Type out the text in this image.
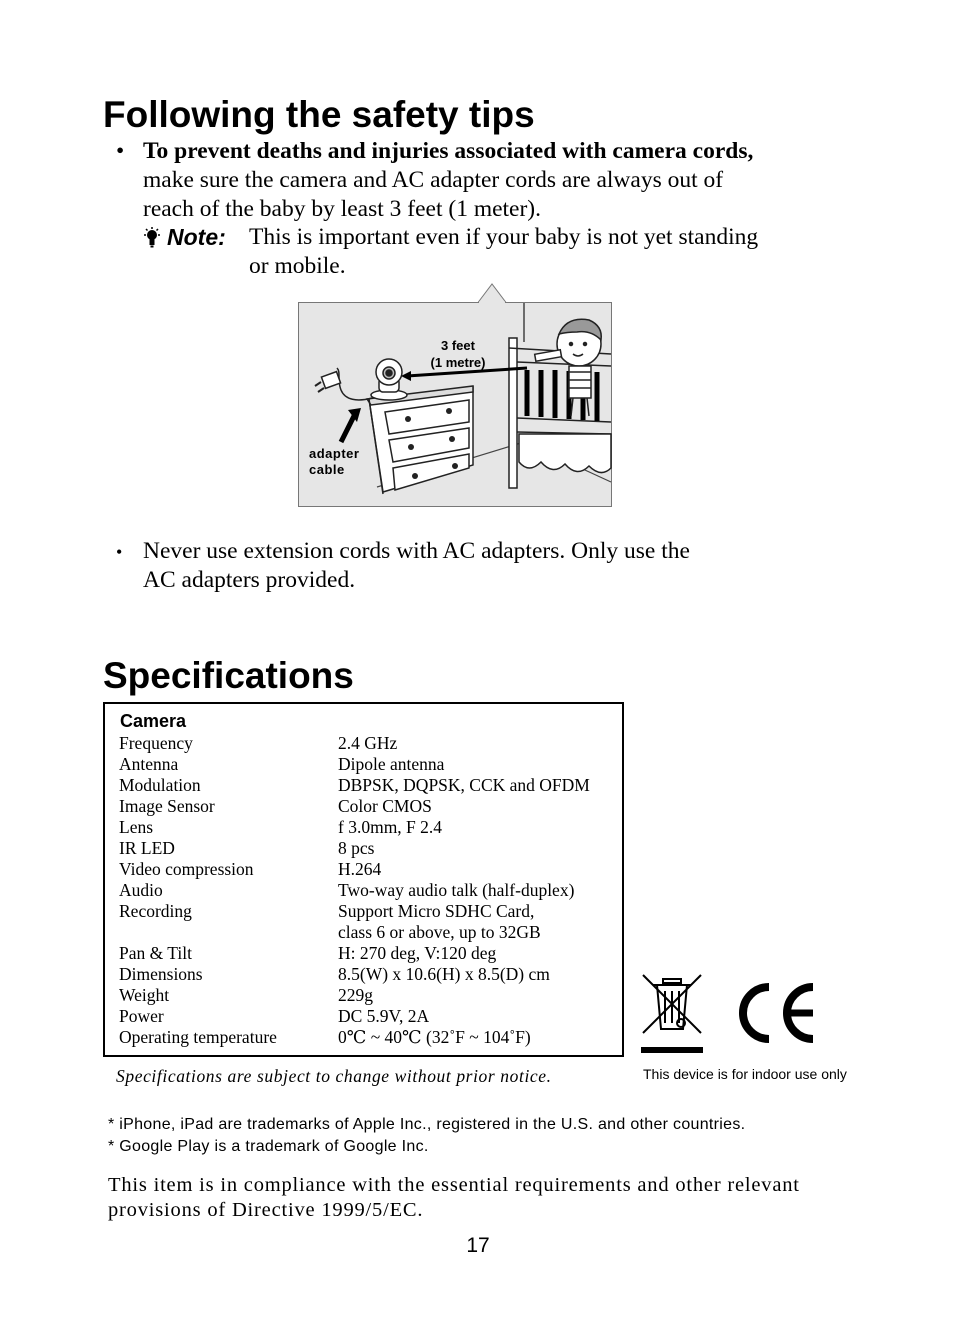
Following the safety tips
• To prevent deaths and injuries associated with camera cords,
make sure the camera and AC adapter cords are always out of
reach of the baby by least 3 feet (1 meter).
Note: This is important even if your baby is not yet standing
or mobile.
3 feet
(1 metre)
adapter
cable
• Never use extension cords with AC adapters. Only use the
AC adapters provided.
Specifications
Camera
Frequency	2.4 GHz
Antenna	Dipole antenna
Modulation	DBPSK, DQPSK, CCK and OFDM
Image Sensor	Color CMOS
Lens	f 3.0mm, F 2.4
IR LED	8 pcs
Video compression	H.264
Audio	Two-way audio talk (half-duplex)
Recording	Support Micro SDHC Card,
class 6 or above, up to 32GB
Pan & Tilt	H: 270 deg, V:120 deg
Dimensions	8.5(W) x 10.6(H) x 8.5(D) cm
Weight	229g
Power	DC 5.9V, 2A
Operating temperature	0℃ ~ 40℃ (32˚F ~ 104˚F)
Specifications are subject to change without prior notice.	This device is for indoor use only
* iPhone, iPad are trademarks of Apple Inc., registered in the U.S. and other countries.
* Google Play is a trademark of Google Inc.
This item is in compliance with the essential requirements and other relevant
provisions of Directive 1999/5/EC.
17
